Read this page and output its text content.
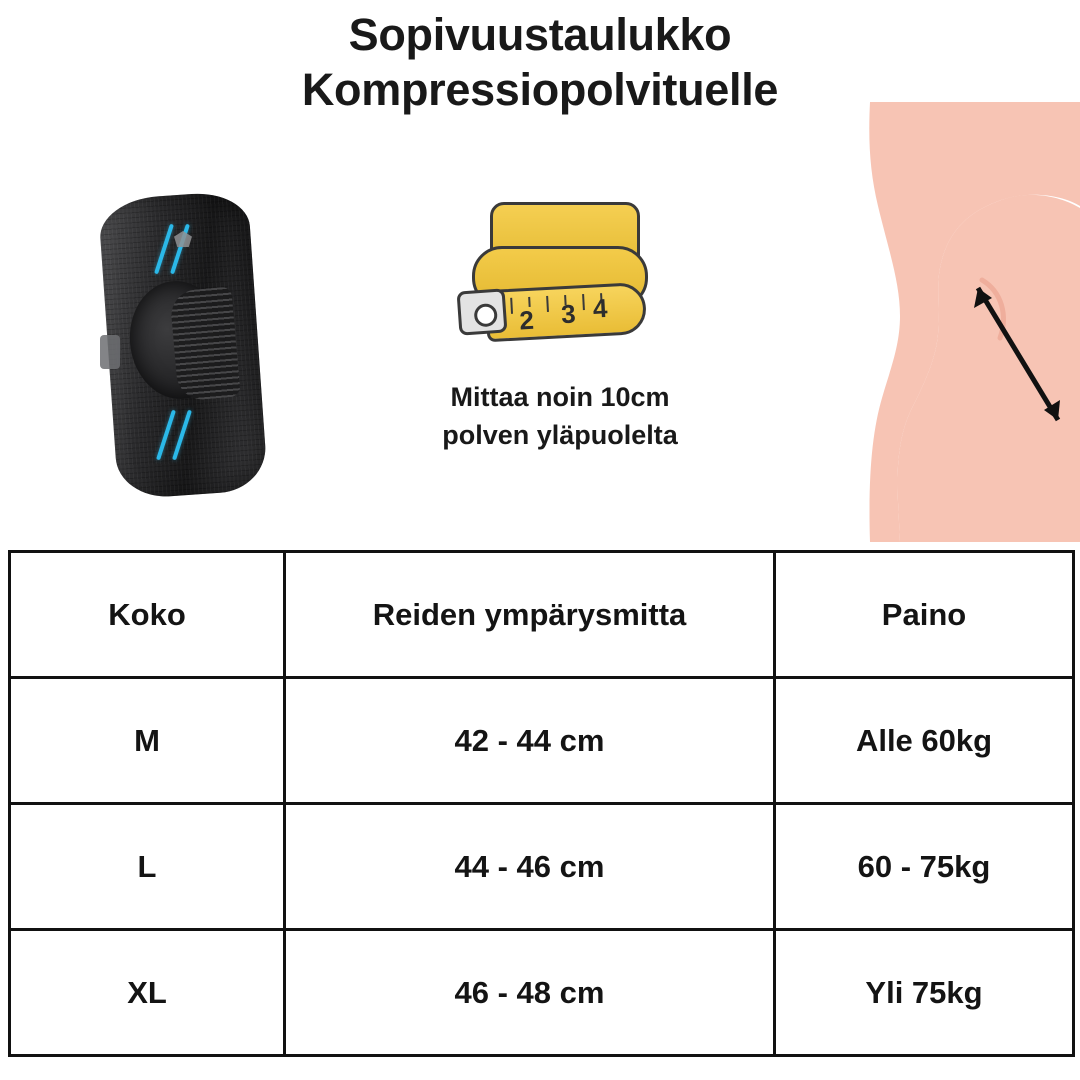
Sopivuustaulukko
Kompressiopolvituelle
2 3 4
Mittaa noin 10cm
polven yläpuolelta
Koko	Reiden ympärysmitta	Paino
M	42 - 44 cm	Alle 60kg
L	44 - 46 cm	60 - 75kg
XL	46 - 48 cm	Yli 75kg
